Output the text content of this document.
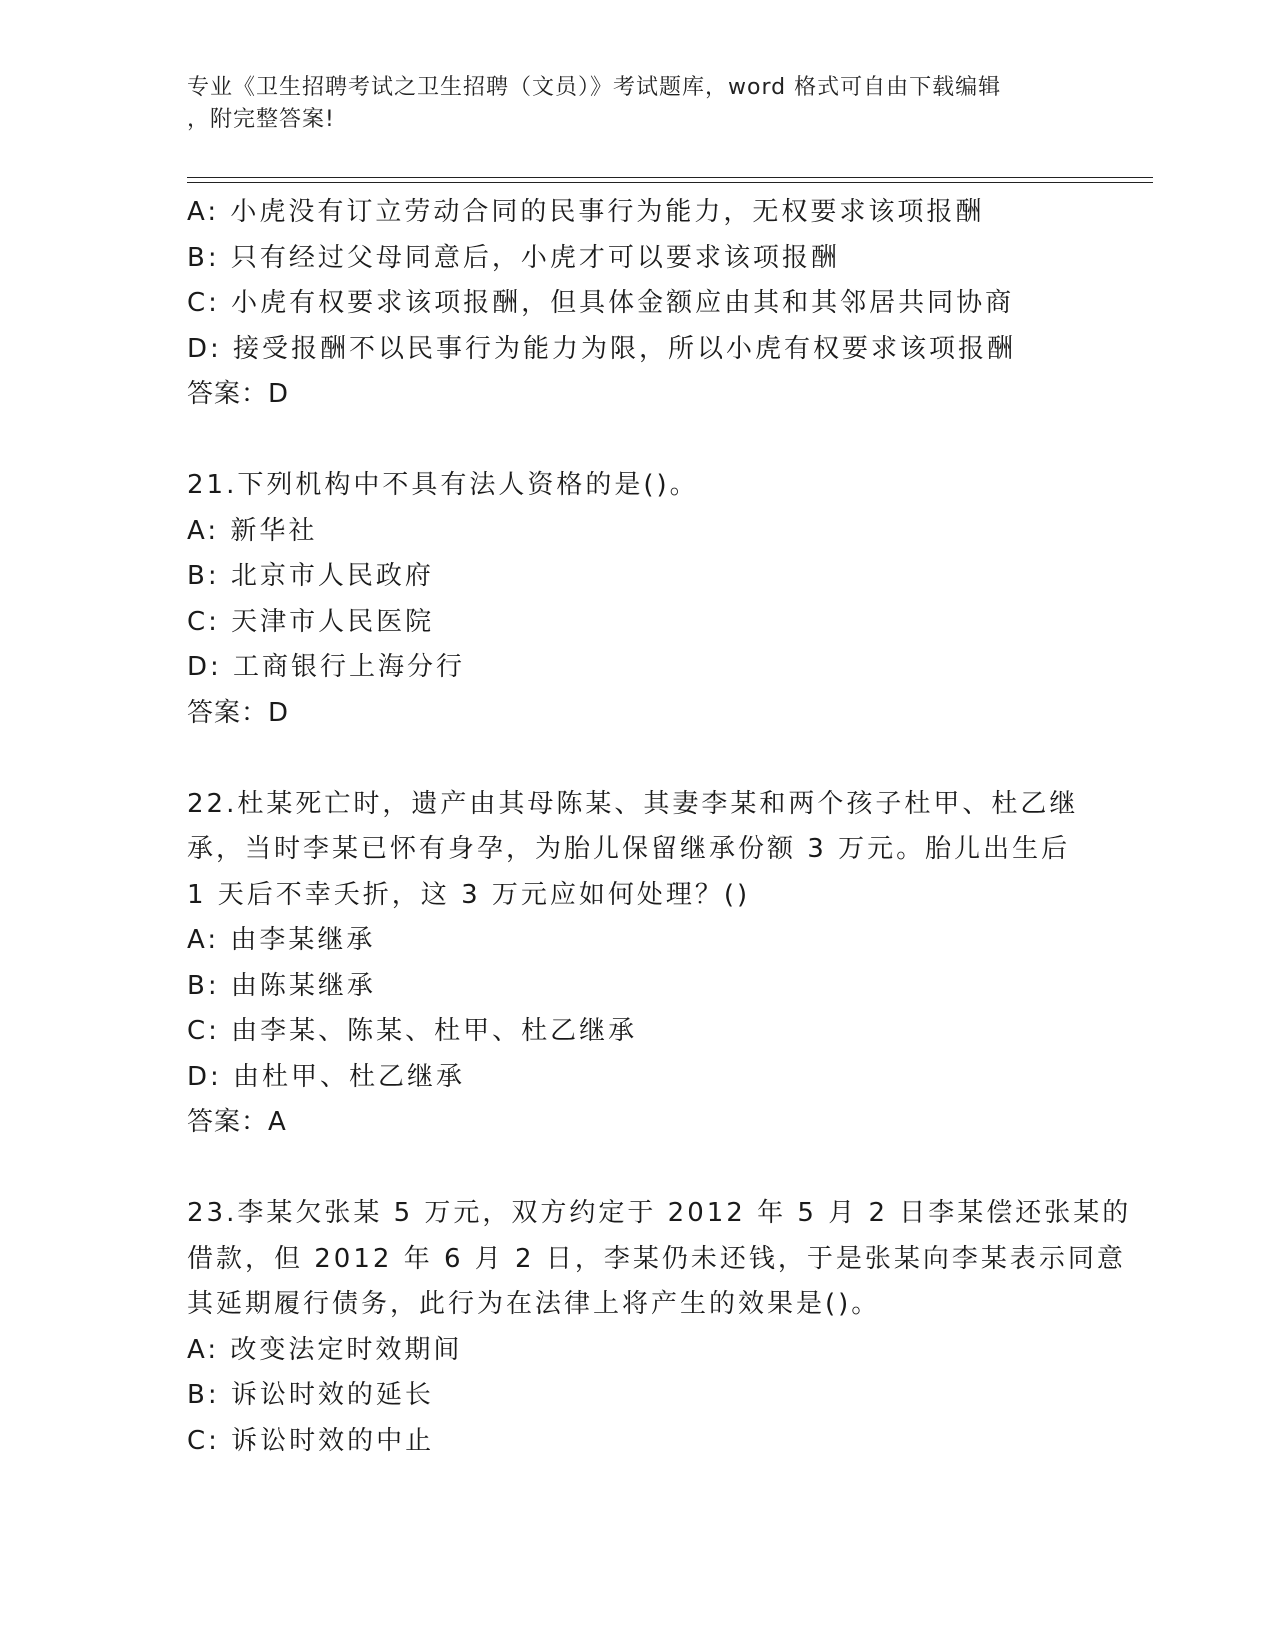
专业《卫生招聘考试之卫生招聘（文员）》考试题库，word 格式可自由下载编辑
，附完整答案!
A: 小虎没有订立劳动合同的民事行为能力，无权要求该项报酬
B: 只有经过父母同意后，小虎才可以要求该项报酬
C: 小虎有权要求该项报酬，但具体金额应由其和其邻居共同协商
D: 接受报酬不以民事行为能力为限，所以小虎有权要求该项报酬
答案：D
21.下列机构中不具有法人资格的是()。
A: 新华社
B: 北京市人民政府
C: 天津市人民医院
D: 工商银行上海分行
答案：D
22.杜某死亡时，遗产由其母陈某、其妻李某和两个孩子杜甲、杜乙继
承，当时李某已怀有身孕，为胎儿保留继承份额 3 万元。胎儿出生后
1 天后不幸夭折，这 3 万元应如何处理？()
A: 由李某继承
B: 由陈某继承
C: 由李某、陈某、杜甲、杜乙继承
D: 由杜甲、杜乙继承
答案：A
23.李某欠张某 5 万元，双方约定于 2012 年 5 月 2 日李某偿还张某的
借款，但 2012 年 6 月 2 日，李某仍未还钱，于是张某向李某表示同意
其延期履行债务，此行为在法律上将产生的效果是()。
A: 改变法定时效期间
B: 诉讼时效的延长
C: 诉讼时效的中止
